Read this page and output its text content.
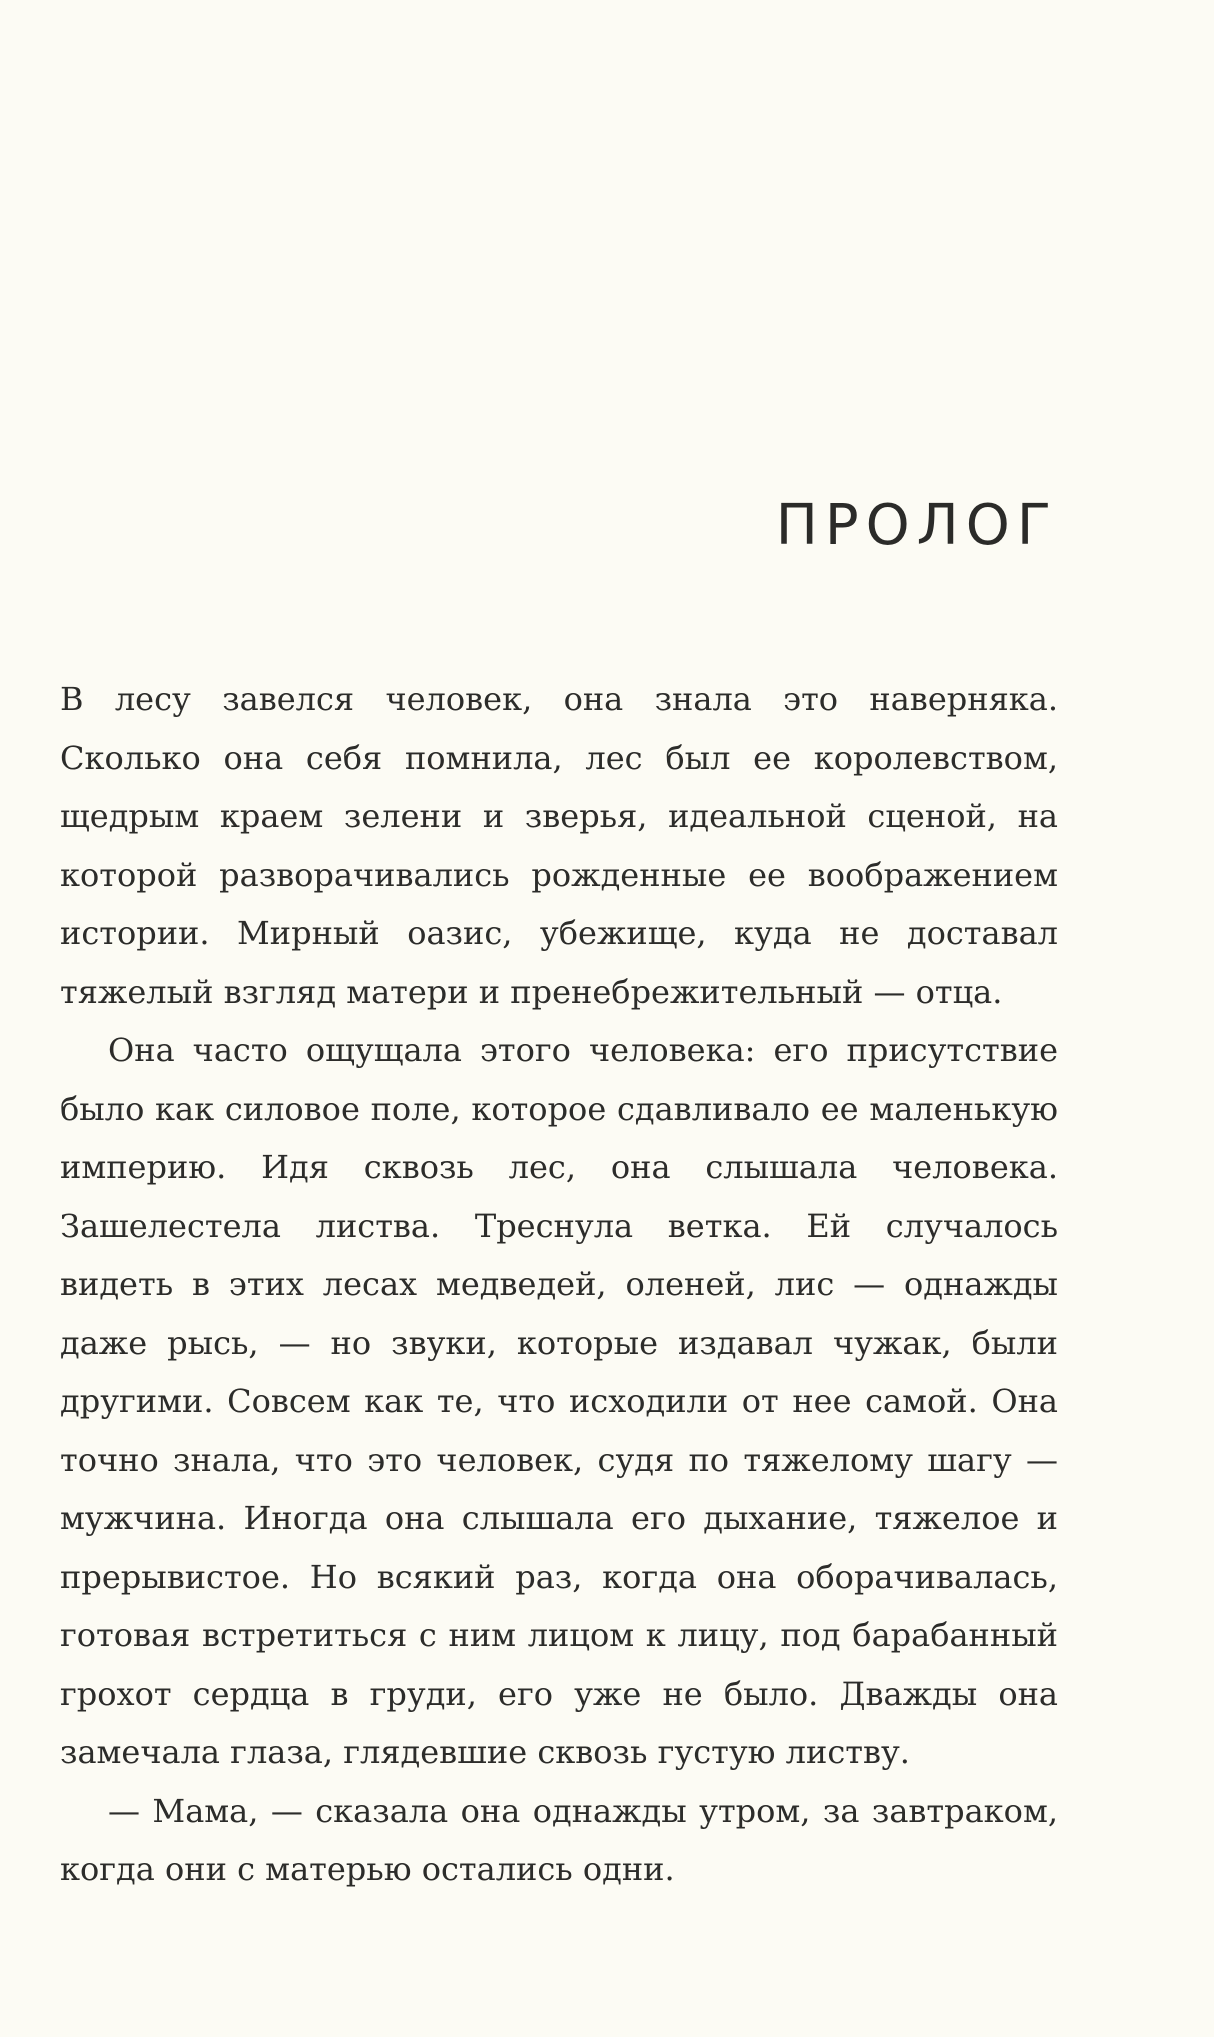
ПРОЛОГ

В лесу завелся человек, она знала это наверняка. Сколько она себя помнила, лес был ее королевством, щедрым краем зелени и зверья, идеальной сценой, на которой разворачивались рожденные ее воображением истории. Мирный оазис, убежище, куда не доставал тяжелый взгляд матери и пренебрежительный — отца.

Она часто ощущала этого человека: его присутствие было как силовое поле, которое сдавливало ее маленькую империю. Идя сквозь лес, она слышала человека. Зашелестела листва. Треснула ветка. Ей случалось видеть в этих лесах медведей, оленей, лис — однажды даже рысь, — но звуки, которые издавал чужак, были другими. Совсем как те, что исходили от нее самой. Она точно знала, что это человек, судя по тяжелому шагу — мужчина. Иногда она слышала его дыхание, тяжелое и прерывистое. Но всякий раз, когда она оборачивалась, готовая встретиться с ним лицом к лицу, под барабанный грохот сердца в груди, его уже не было. Дважды она замечала глаза, глядевшие сквозь густую листву.

— Мама, — сказала она однажды утром, за завтраком, когда они с матерью остались одни.
